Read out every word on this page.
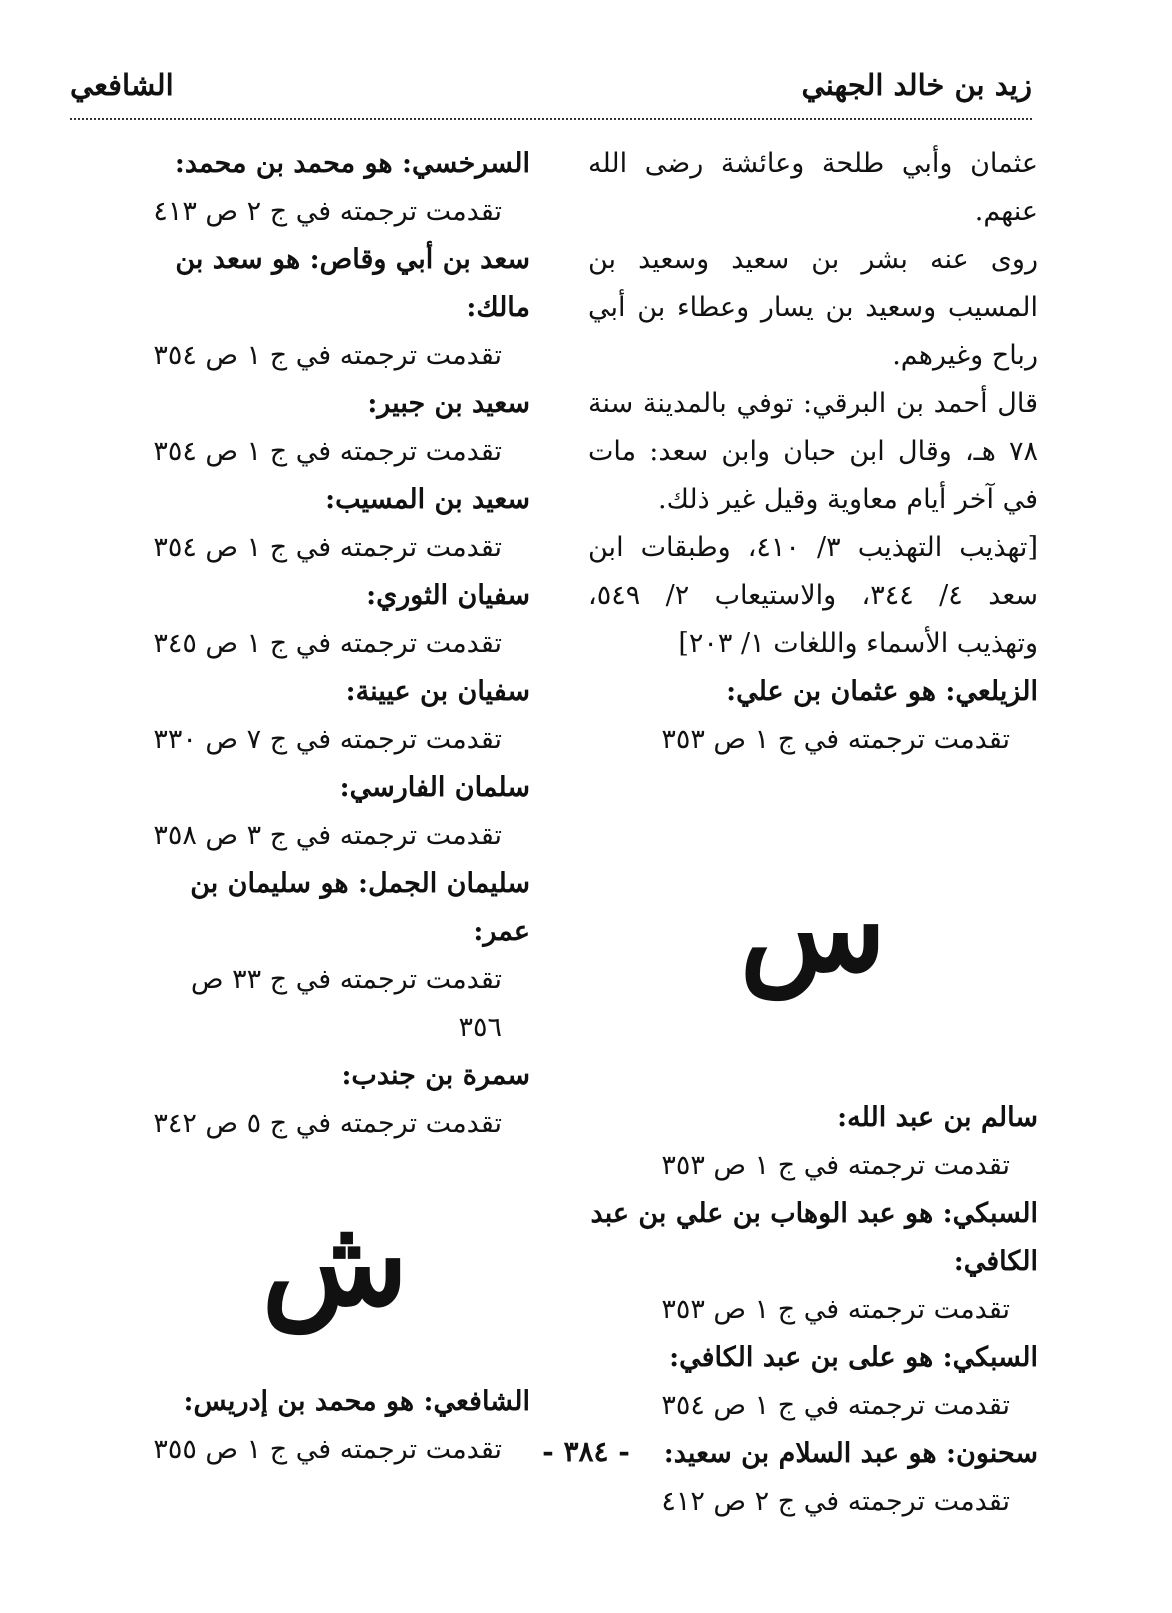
زيد بن خالد الجهني
الشافعي

عثمان وأبي طلحة وعائشة رضى الله عنهم.

روى عنه بشر بن سعيد وسعيد بن المسيب وسعيد بن يسار وعطاء بن أبي رباح وغيرهم.

قال أحمد بن البرقي: توفي بالمدينة سنة ٧٨ هـ، وقال ابن حبان وابن سعد: مات في آخر أيام معاوية وقيل غير ذلك.

[تهذيب التهذيب ٣/ ٤١٠، وطبقات ابن سعد ٤/ ٣٤٤، والاستيعاب ٢/ ٥٤٩، وتهذيب الأسماء واللغات ١/ ٢٠٣]

الزيلعي: هو عثمان بن علي:

تقدمت ترجمته في ج ١ ص ٣٥٣

س

سالم بن عبد الله:

تقدمت ترجمته في ج ١ ص ٣٥٣

السبكي: هو عبد الوهاب بن علي بن عبد الكافي:

تقدمت ترجمته في ج ١ ص ٣٥٣

السبكي: هو على بن عبد الكافي:

تقدمت ترجمته في ج ١ ص ٣٥٤

سحنون: هو عبد السلام بن سعيد:

تقدمت ترجمته في ج ٢ ص ٤١٢

السرخسي: هو محمد بن محمد:

تقدمت ترجمته في ج ٢ ص ٤١٣

سعد بن أبي وقاص: هو سعد بن مالك:

تقدمت ترجمته في ج ١ ص ٣٥٤

سعيد بن جبير:

تقدمت ترجمته في ج ١ ص ٣٥٤

سعيد بن المسيب:

تقدمت ترجمته في ج ١ ص ٣٥٤

سفيان الثوري:

تقدمت ترجمته في ج ١ ص ٣٤٥

سفيان بن عيينة:

تقدمت ترجمته في ج ٧ ص ٣٣٠

سلمان الفارسي:

تقدمت ترجمته في ج ٣ ص ٣٥٨

سليمان الجمل: هو سليمان بن عمر:

تقدمت ترجمته في ج ٣٣ ص ٣٥٦

سمرة بن جندب:

تقدمت ترجمته في ج ٥ ص ٣٤٢

ش

الشافعي: هو محمد بن إدريس:

تقدمت ترجمته في ج ١ ص ٣٥٥	- ٣٨٤ -
